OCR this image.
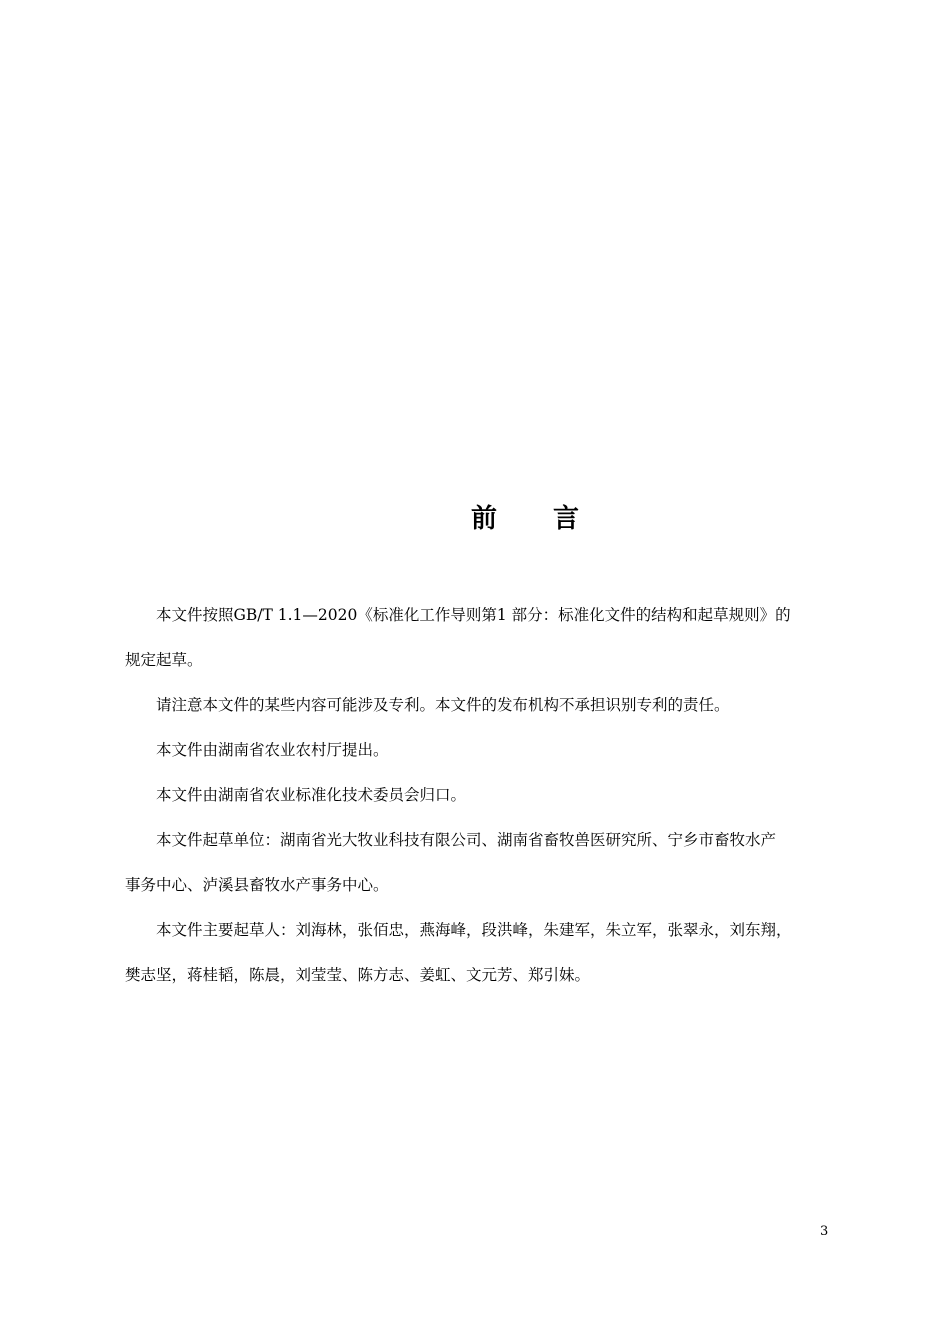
前 言

本文件按照GB/T 1.1—2020《标准化工作导则第1 部分：标准化文件的结构和起草规则》的
规定起草。

请注意本文件的某些内容可能涉及专利。本文件的发布机构不承担识别专利的责任。

本文件由湖南省农业农村厅提出。

本文件由湖南省农业标准化技术委员会归口。

本文件起草单位：湖南省光大牧业科技有限公司、湖南省畜牧兽医研究所、宁乡市畜牧水产
事务中心、泸溪县畜牧水产事务中心。

本文件主要起草人：刘海林，张佰忠，燕海峰，段洪峰，朱建军，朱立军，张翠永，刘东翔，
樊志坚，蒋桂韬，陈晨，刘莹莹、陈方志、姜虹、文元芳、郑引妹。

3
